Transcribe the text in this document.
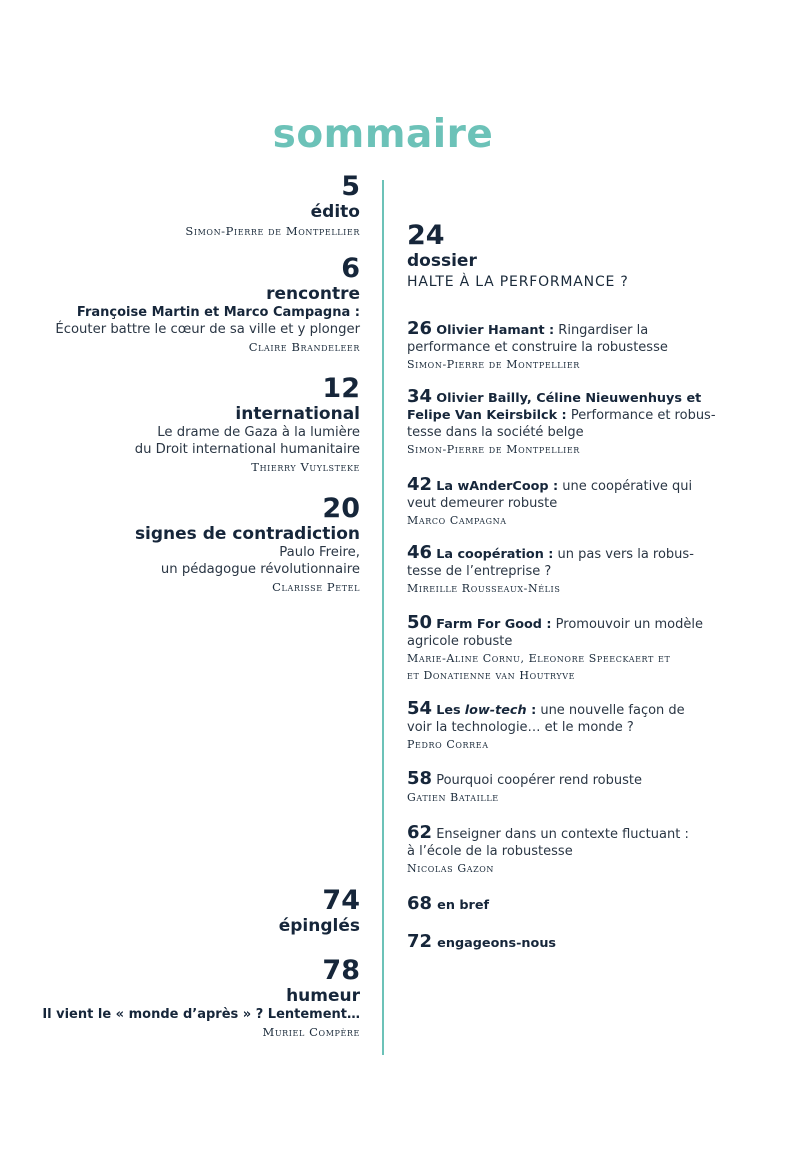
sommaire
5
édito
Simon-Pierre de Montpellier
6
rencontre
Françoise Martin et Marco Campagna :
Écouter battre le cœur de sa ville et y plonger
Claire Brandeleer
12
international
Le drame de Gaza à la lumière
du Droit international humanitaire
Thierry Vuylsteke
20
signes de contradiction
Paulo Freire,
un pédagogue révolutionnaire
Clarisse Petel
74
épinglés
78
humeur
Il vient le « monde d’après » ? Lentement…
Muriel Compère
24
dossier
HALTE À LA PERFORMANCE ?
26 Olivier Hamant : Ringardiser la
performance et construire la robustesse
Simon-Pierre de Montpellier
34 Olivier Bailly, Céline Nieuwenhuys et
Felipe Van Keirsbilck : Performance et robus-
tesse dans la société belge
Simon-Pierre de Montpellier
42 La wAnderCoop : une coopérative qui
veut demeurer robuste
Marco Campagna
46 La coopération : un pas vers la robus-
tesse de l’entreprise ?
Mireille Rousseaux-Nélis
50 Farm For Good : Promouvoir un modèle
agricole robuste
Marie-Aline Cornu, Eleonore Speeckaert et
et Donatienne van Houtryve
54 Les low-tech : une nouvelle façon de
voir la technologie… et le monde ?
Pedro Correa
58 Pourquoi coopérer rend robuste
Gatien Bataille
62 Enseigner dans un contexte fluctuant :
à l’école de la robustesse
Nicolas Gazon
68 en bref
72 engageons-nous
